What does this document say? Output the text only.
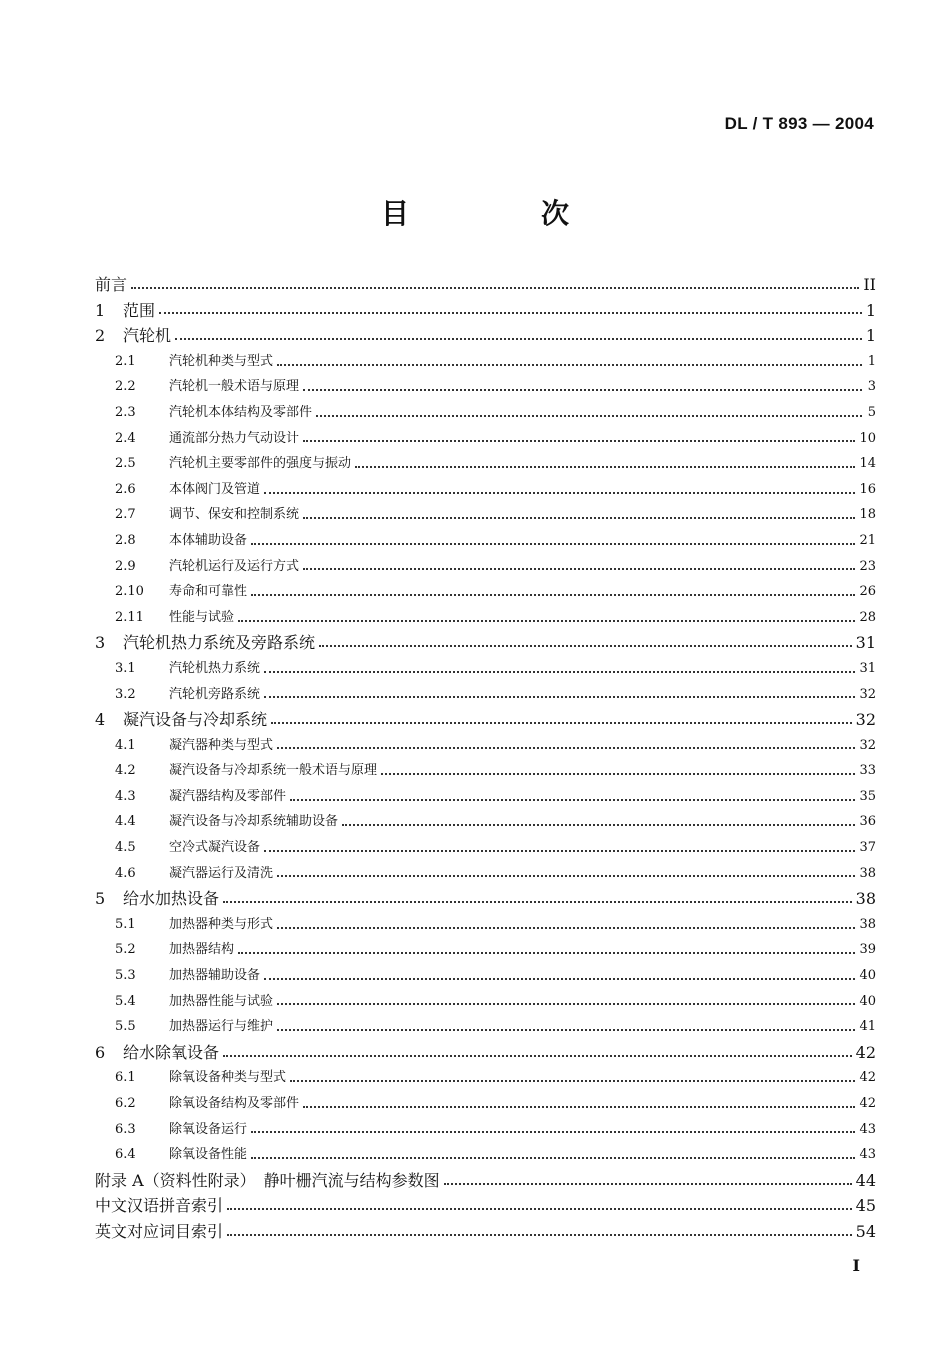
DL / T 893 — 2004
目　次
前言	II
1	范围	1
2	汽轮机	1
2.1	汽轮机种类与型式	1
2.2	汽轮机一般术语与原理	3
2.3	汽轮机本体结构及零部件	5
2.4	通流部分热力气动设计	10
2.5	汽轮机主要零部件的强度与振动	14
2.6	本体阀门及管道	16
2.7	调节、保安和控制系统	18
2.8	本体辅助设备	21
2.9	汽轮机运行及运行方式	23
2.10	寿命和可靠性	26
2.11	性能与试验	28
3	汽轮机热力系统及旁路系统	31
3.1	汽轮机热力系统	31
3.2	汽轮机旁路系统	32
4	凝汽设备与冷却系统	32
4.1	凝汽器种类与型式	32
4.2	凝汽设备与冷却系统一般术语与原理	33
4.3	凝汽器结构及零部件	35
4.4	凝汽设备与冷却系统辅助设备	36
4.5	空冷式凝汽设备	37
4.6	凝汽器运行及清洗	38
5	给水加热设备	38
5.1	加热器种类与形式	38
5.2	加热器结构	39
5.3	加热器辅助设备	40
5.4	加热器性能与试验	40
5.5	加热器运行与维护	41
6	给水除氧设备	42
6.1	除氧设备种类与型式	42
6.2	除氧设备结构及零部件	42
6.3	除氧设备运行	43
6.4	除氧设备性能	43
附录 A（资料性附录）　静叶栅汽流与结构参数图	44
中文汉语拼音索引	45
英文对应词目索引	54
I
